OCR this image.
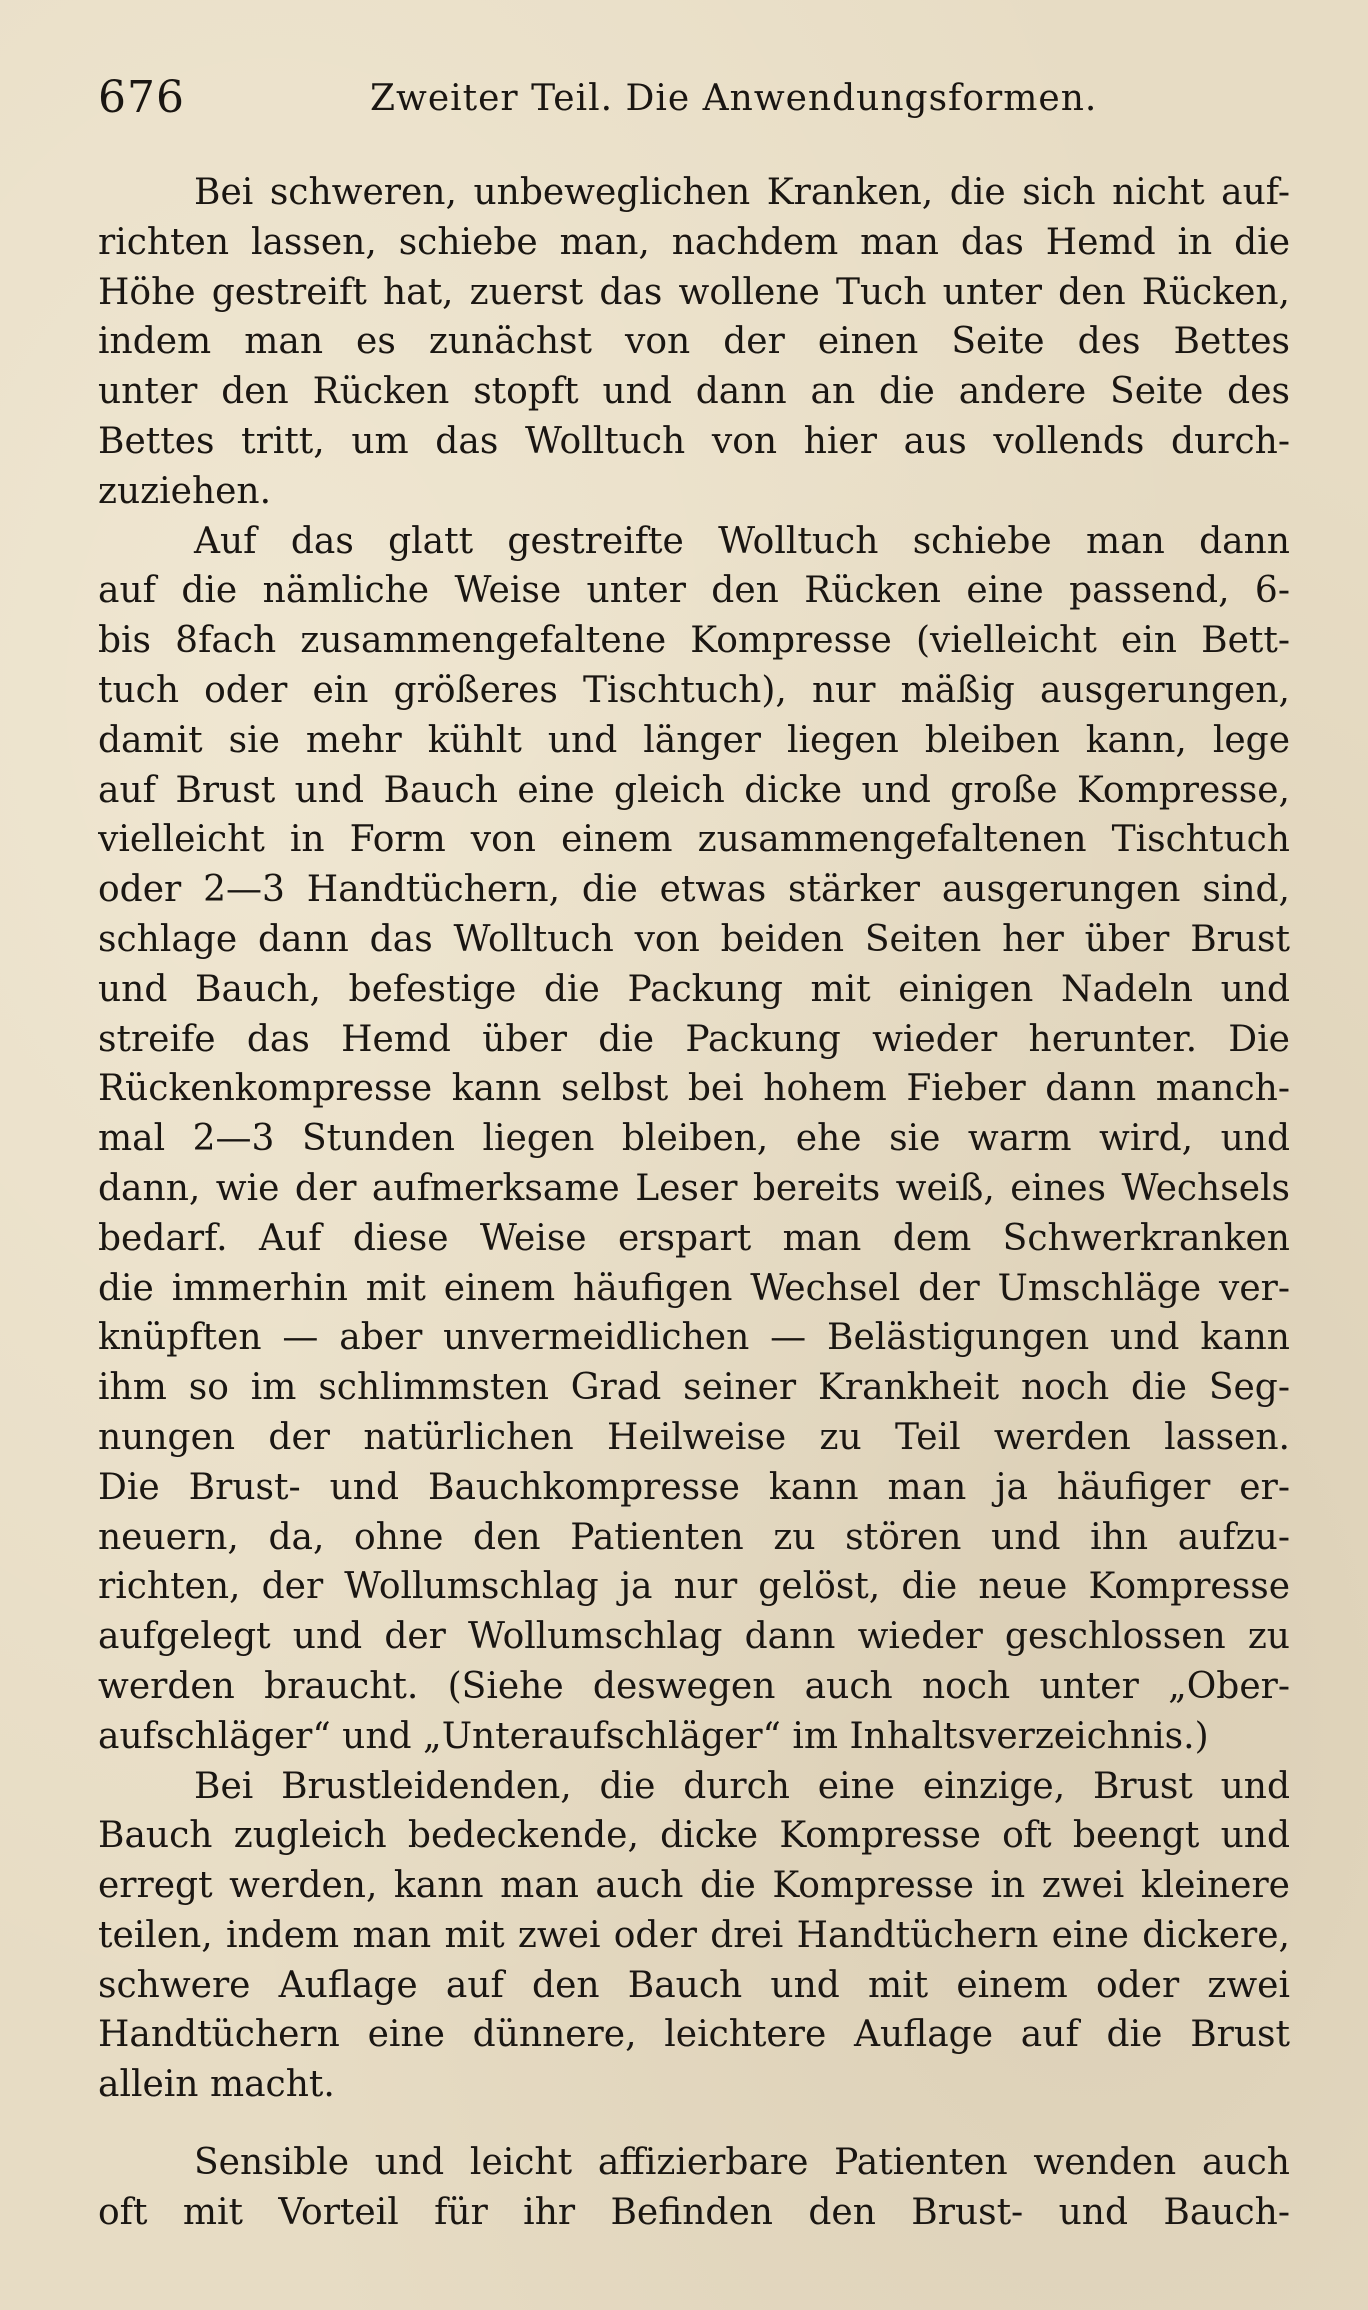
676	Zweiter Teil. Die Anwendungsformen.
Bei schweren, unbeweglichen Kranken, die sich nicht auf-
richten lassen, schiebe man, nachdem man das Hemd in die
Höhe gestreift hat, zuerst das wollene Tuch unter den Rücken,
indem man es zunächst von der einen Seite des Bettes
unter den Rücken stopft und dann an die andere Seite des
Bettes tritt, um das Wolltuch von hier aus vollends durch-
zuziehen.
Auf das glatt gestreifte Wolltuch schiebe man dann
auf die nämliche Weise unter den Rücken eine passend, 6-
bis 8fach zusammengefaltene Kompresse (vielleicht ein Bett-
tuch oder ein größeres Tischtuch), nur mäßig ausgerungen,
damit sie mehr kühlt und länger liegen bleiben kann, lege
auf Brust und Bauch eine gleich dicke und große Kompresse,
vielleicht in Form von einem zusammengefaltenen Tischtuch
oder 2—3 Handtüchern, die etwas stärker ausgerungen sind,
schlage dann das Wolltuch von beiden Seiten her über Brust
und Bauch, befestige die Packung mit einigen Nadeln und
streife das Hemd über die Packung wieder herunter. Die
Rückenkompresse kann selbst bei hohem Fieber dann manch-
mal 2—3 Stunden liegen bleiben, ehe sie warm wird, und
dann, wie der aufmerksame Leser bereits weiß, eines Wechsels
bedarf. Auf diese Weise erspart man dem Schwerkranken
die immerhin mit einem häufigen Wechsel der Umschläge ver-
knüpften — aber unvermeidlichen — Belästigungen und kann
ihm so im schlimmsten Grad seiner Krankheit noch die Seg-
nungen der natürlichen Heilweise zu Teil werden lassen.
Die Brust- und Bauchkompresse kann man ja häufiger er-
neuern, da, ohne den Patienten zu stören und ihn aufzu-
richten, der Wollumschlag ja nur gelöst, die neue Kompresse
aufgelegt und der Wollumschlag dann wieder geschlossen zu
werden braucht. (Siehe deswegen auch noch unter „Ober-
aufschläger“ und „Unteraufschläger“ im Inhaltsverzeichnis.)
Bei Brustleidenden, die durch eine einzige, Brust und
Bauch zugleich bedeckende, dicke Kompresse oft beengt und
erregt werden, kann man auch die Kompresse in zwei kleinere
teilen, indem man mit zwei oder drei Handtüchern eine dickere,
schwere Auflage auf den Bauch und mit einem oder zwei
Handtüchern eine dünnere, leichtere Auflage auf die Brust
allein macht.
Sensible und leicht affizierbare Patienten wenden auch
oft mit Vorteil für ihr Befinden den Brust- und Bauch-
